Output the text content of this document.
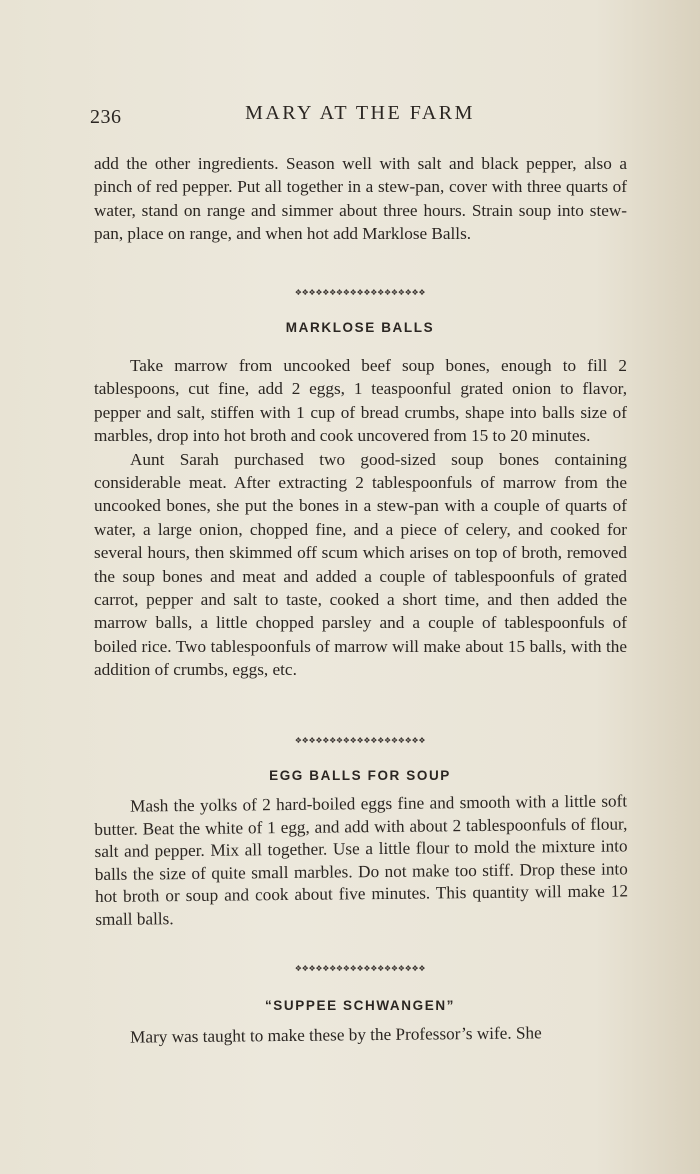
236	MARY AT THE FARM

add the other ingredients. Season well with salt and black pepper, also a pinch of red pepper. Put all together in a stew-pan, cover with three quarts of water, stand on range and simmer about three hours. Strain soup into stew-pan, place on range, and when hot add Marklose Balls.

❖❖❖❖❖❖❖❖❖❖❖❖❖❖❖❖❖❖❖
MARKLOSE BALLS

Take marrow from uncooked beef soup bones, enough to fill 2 tablespoons, cut fine, add 2 eggs, 1 teaspoonful grated onion to flavor, pepper and salt, stiffen with 1 cup of bread crumbs, shape into balls size of marbles, drop into hot broth and cook uncovered from 15 to 20 minutes.

Aunt Sarah purchased two good-sized soup bones containing considerable meat. After extracting 2 tablespoonfuls of marrow from the uncooked bones, she put the bones in a stew-pan with a couple of quarts of water, a large onion, chopped fine, and a piece of celery, and cooked for several hours, then skimmed off scum which arises on top of broth, removed the soup bones and meat and added a couple of tablespoonfuls of grated carrot, pepper and salt to taste, cooked a short time, and then added the marrow balls, a little chopped parsley and a couple of tablespoonfuls of boiled rice. Two tablespoonfuls of marrow will make about 15 balls, with the addition of crumbs, eggs, etc.

❖❖❖❖❖❖❖❖❖❖❖❖❖❖❖❖❖❖❖
EGG BALLS FOR SOUP

Mash the yolks of 2 hard-boiled eggs fine and smooth with a little soft butter. Beat the white of 1 egg, and add with about 2 tablespoonfuls of flour, salt and pepper. Mix all together. Use a little flour to mold the mixture into balls the size of quite small marbles. Do not make too stiff. Drop these into hot broth or soup and cook about five minutes. This quantity will make 12 small balls.

❖❖❖❖❖❖❖❖❖❖❖❖❖❖❖❖❖❖❖
“SUPPEE SCHWANGEN”

Mary was taught to make these by the Professor’s wife. She
